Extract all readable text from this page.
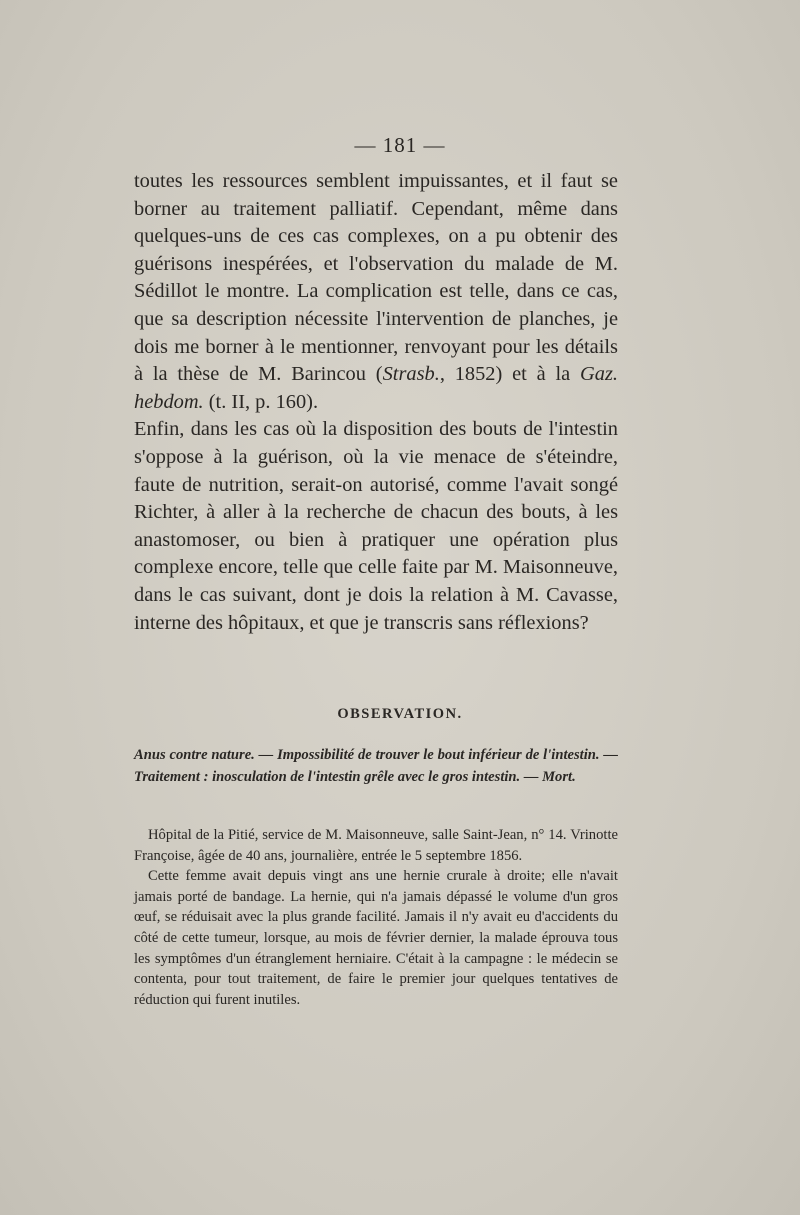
— 181 —

toutes les ressources semblent impuissantes, et il faut se borner au traitement palliatif. Cependant, même dans quelques-uns de ces cas complexes, on a pu obtenir des guérisons inespérées, et l'observation du malade de M. Sédillot le montre. La complication est telle, dans ce cas, que sa description nécessite l'intervention de planches, je dois me borner à le mentionner, renvoyant pour les détails à la thèse de M. Barincou (Strasb., 1852) et à la Gaz. hebdom. (t. II, p. 160).

Enfin, dans les cas où la disposition des bouts de l'intestin s'oppose à la guérison, où la vie menace de s'éteindre, faute de nutrition, serait-on autorisé, comme l'avait songé Richter, à aller à la recherche de chacun des bouts, à les anastomoser, ou bien à pratiquer une opération plus complexe encore, telle que celle faite par M. Maisonneuve, dans le cas suivant, dont je dois la relation à M. Cavasse, interne des hôpitaux, et que je transcris sans réflexions?

OBSERVATION.
Anus contre nature. — Impossibilité de trouver le bout inférieur de l'intestin. — Traitement : inosculation de l'intestin grêle avec le gros intestin. — Mort.

Hôpital de la Pitié, service de M. Maisonneuve, salle Saint-Jean, n° 14. Vrinotte Françoise, âgée de 40 ans, journalière, entrée le 5 septembre 1856.

Cette femme avait depuis vingt ans une hernie crurale à droite; elle n'avait jamais porté de bandage. La hernie, qui n'a jamais dépassé le volume d'un gros œuf, se réduisait avec la plus grande facilité. Jamais il n'y avait eu d'accidents du côté de cette tumeur, lorsque, au mois de février dernier, la malade éprouva tous les symptômes d'un étranglement herniaire. C'était à la campagne : le médecin se contenta, pour tout traitement, de faire le premier jour quelques tentatives de réduction qui furent inutiles.
